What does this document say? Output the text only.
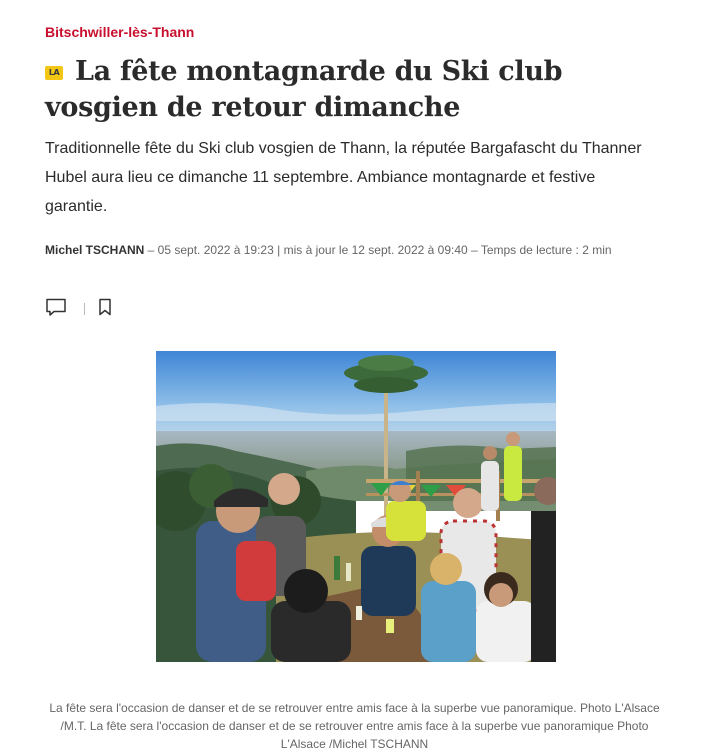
Bitschwiller-lès-Thann

LA La fête montagnarde du Ski club vosgien de retour dimanche

Traditionnelle fête du Ski club vosgien de Thann, la réputée Bargafascht du Thanner Hubel aura lieu ce dimanche 11 septembre. Ambiance montagnarde et festive garantie.

Michel TSCHANN – 05 sept. 2022 à 19:23 | mis à jour le 12 sept. 2022 à 09:40 – Temps de lecture : 2 min

La fête sera l'occasion de danser et de se retrouver entre amis face à la superbe vue panoramique. Photo L'Alsace /M.T. La fête sera l'occasion de danser et de se retrouver entre amis face à la superbe vue panoramique Photo L'Alsace /Michel TSCHANN
